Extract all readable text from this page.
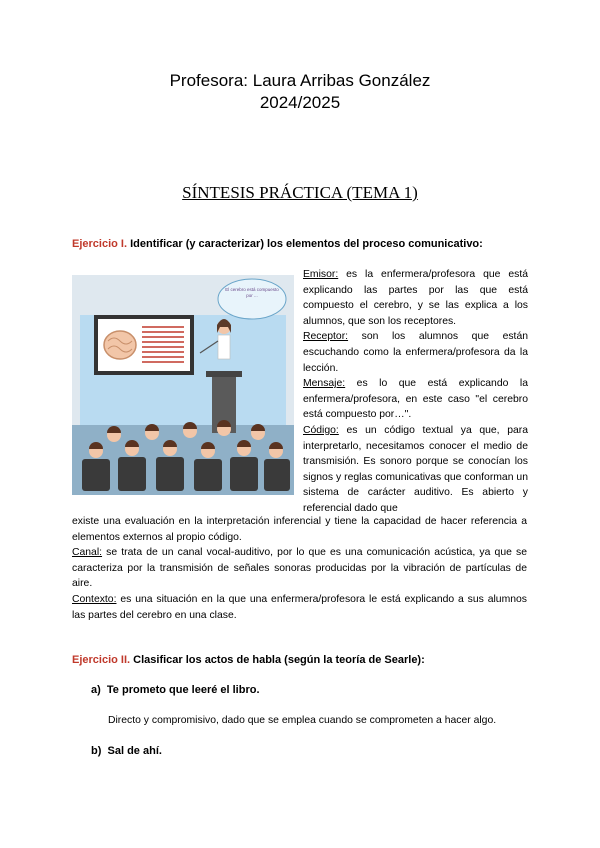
Profesora: Laura Arribas González
2024/2025
SÍNTESIS PRÁCTICA (TEMA 1)
Ejercicio I. Identificar (y caracterizar) los elementos del proceso comunicativo:
El cerebro está compuesto por ...
Emisor: es la enfermera/profesora que está explicando las partes por las que está compuesto el cerebro, y se las explica a los alumnos, que son los receptores.
Receptor: son los alumnos que están escuchando como la enfermera/profesora da la lección.
Mensaje: es lo que está explicando la enfermera/profesora, en este caso "el cerebro está compuesto por…".
Código: es un código textual ya que, para interpretarlo, necesitamos conocer el medio de transmisión. Es sonoro porque se conocían los signos y reglas comunicativas que conforman un sistema de carácter auditivo. Es abierto y referencial dado que
existe una evaluación en la interpretación inferencial y tiene la capacidad de hacer referencia a elementos externos al propio código.
Canal: se trata de un canal vocal-auditivo, por lo que es una comunicación acústica, ya que se caracteriza por la transmisión de señales sonoras producidas por la vibración de partículas de aire.
Contexto: es una situación en la que una enfermera/profesora le está explicando a sus alumnos las partes del cerebro en una clase.
Ejercicio II. Clasificar los actos de habla (según la teoría de Searle):
a) Te prometo que leeré el libro.
Directo y compromisivo, dado que se emplea cuando se comprometen a hacer algo.
b) Sal de ahí.
